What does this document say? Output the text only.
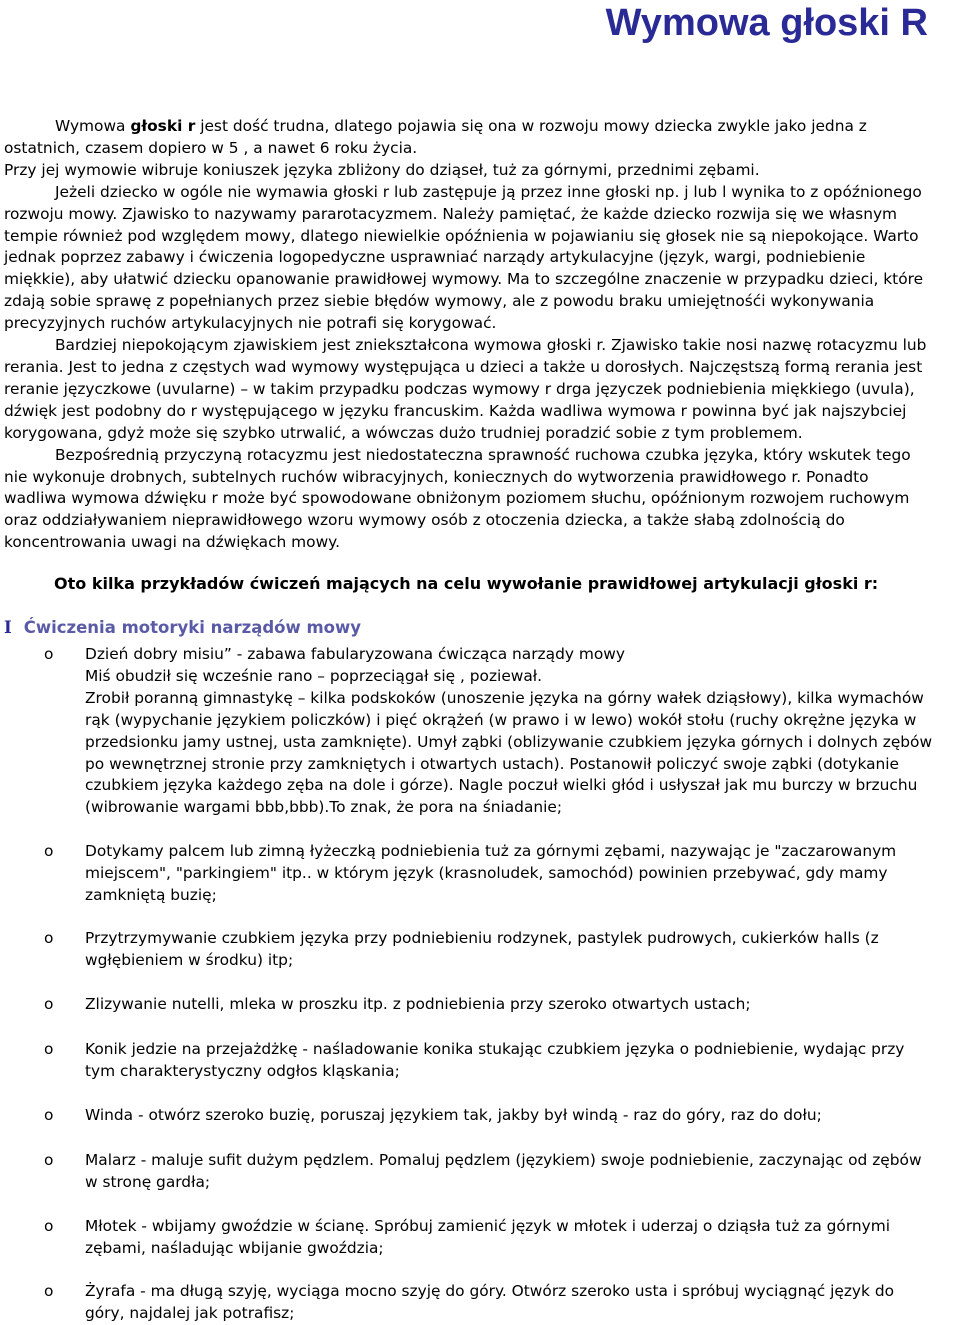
Wymowa głoski R
Wymowa głoski r jest dość trudna, dlatego pojawia się ona w rozwoju mowy dziecka zwykle jako jedna z
ostatnich, czasem dopiero w 5 , a nawet 6 roku życia.
Przy jej wymowie wibruje koniuszek języka zbliżony do dziąseł, tuż za górnymi, przednimi zębami.
Jeżeli dziecko w ogóle nie wymawia głoski r lub zastępuje ją przez inne głoski np. j lub l wynika to z opóźnionego
rozwoju mowy. Zjawisko to nazywamy pararotacyzmem. Należy pamiętać, że każde dziecko rozwija się we własnym
tempie również pod względem mowy, dlatego niewielkie opóźnienia w pojawianiu się głosek nie są niepokojące. Warto
jednak poprzez zabawy i ćwiczenia logopedyczne usprawniać narządy artykulacyjne (język, wargi, podniebienie
miękkie), aby ułatwić dziecku opanowanie prawidłowej wymowy. Ma to szczególne znaczenie w przypadku dzieci, które
zdają sobie sprawę z popełnianych przez siebie błędów wymowy, ale z powodu braku umiejętnośći wykonywania
precyzyjnych ruchów artykulacyjnych nie potrafi się korygować.
Bardziej niepokojącym zjawiskiem jest zniekształcona wymowa głoski r. Zjawisko takie nosi nazwę rotacyzmu lub
rerania. Jest to jedna z częstych wad wymowy występująca u dzieci a także u dorosłych. Najczęstszą formą rerania jest
reranie języczkowe (uvularne) – w takim przypadku podczas wymowy r drga języczek podniebienia miękkiego (uvula),
dźwięk jest podobny do r występującego w języku francuskim. Każda wadliwa wymowa r powinna być jak najszybciej
korygowana, gdyż może się szybko utrwalić, a wówczas dużo trudniej poradzić sobie z tym problemem.
Bezpośrednią przyczyną rotacyzmu jest niedostateczna sprawność ruchowa czubka języka, który wskutek tego
nie wykonuje drobnych, subtelnych ruchów wibracyjnych, koniecznych do wytworzenia prawidłowego r. Ponadto
wadliwa wymowa dźwięku r może być spowodowane obniżonym poziomem słuchu, opóźnionym rozwojem ruchowym
oraz oddziaływaniem nieprawidłowego wzoru wymowy osób z otoczenia dziecka, a także słabą zdolnością do
koncentrowania uwagi na dźwiękach mowy.
Oto kilka przykładów ćwiczeń mających na celu wywołanie prawidłowej artykulacji głoski r:
I Ćwiczenia motoryki narządów mowy
o Dzień dobry misiu” - zabawa fabularyzowana ćwicząca narządy mowy
Miś obudził się wcześnie rano – poprzeciągał się , poziewał.
Zrobił poranną gimnastykę – kilka podskoków (unoszenie języka na górny wałek dziąsłowy), kilka wymachów
rąk (wypychanie językiem policzków) i pięć okrążeń (w prawo i w lewo) wokół stołu (ruchy okrężne języka w
przedsionku jamy ustnej, usta zamknięte). Umył ząbki (oblizywanie czubkiem języka górnych i dolnych zębów
po wewnętrznej stronie przy zamkniętych i otwartych ustach). Postanowił policzyć swoje ząbki (dotykanie
czubkiem języka każdego zęba na dole i górze). Nagle poczuł wielki głód i usłyszał jak mu burczy w brzuchu
(wibrowanie wargami bbb,bbb).To znak, że pora na śniadanie;
o Dotykamy palcem lub zimną łyżeczką podniebienia tuż za górnymi zębami, nazywając je "zaczarowanym
miejscem", "parkingiem" itp.. w którym język (krasnoludek, samochód) powinien przebywać, gdy mamy
zamkniętą buzię;
o Przytrzymywanie czubkiem języka przy podniebieniu rodzynek, pastylek pudrowych, cukierków halls (z
wgłębieniem w środku) itp;
o Zlizywanie nutelli, mleka w proszku itp. z podniebienia przy szeroko otwartych ustach;
o Konik jedzie na przejażdżkę - naśladowanie konika stukając czubkiem języka o podniebienie, wydając przy
tym charakterystyczny odgłos kląskania;
o Winda - otwórz szeroko buzię, poruszaj językiem tak, jakby był windą - raz do góry, raz do dołu;
o Malarz - maluje sufit dużym pędzlem. Pomaluj pędzlem (językiem) swoje podniebienie, zaczynając od zębów
w stronę gardła;
o Młotek - wbijamy gwoździe w ścianę. Spróbuj zamienić język w młotek i uderzaj o dziąsła tuż za górnymi
zębami, naśladując wbijanie gwoździa;
o Żyrafa - ma długą szyję, wyciąga mocno szyję do góry. Otwórz szeroko usta i spróbuj wyciągnąć język do
góry, najdalej jak potrafisz;
